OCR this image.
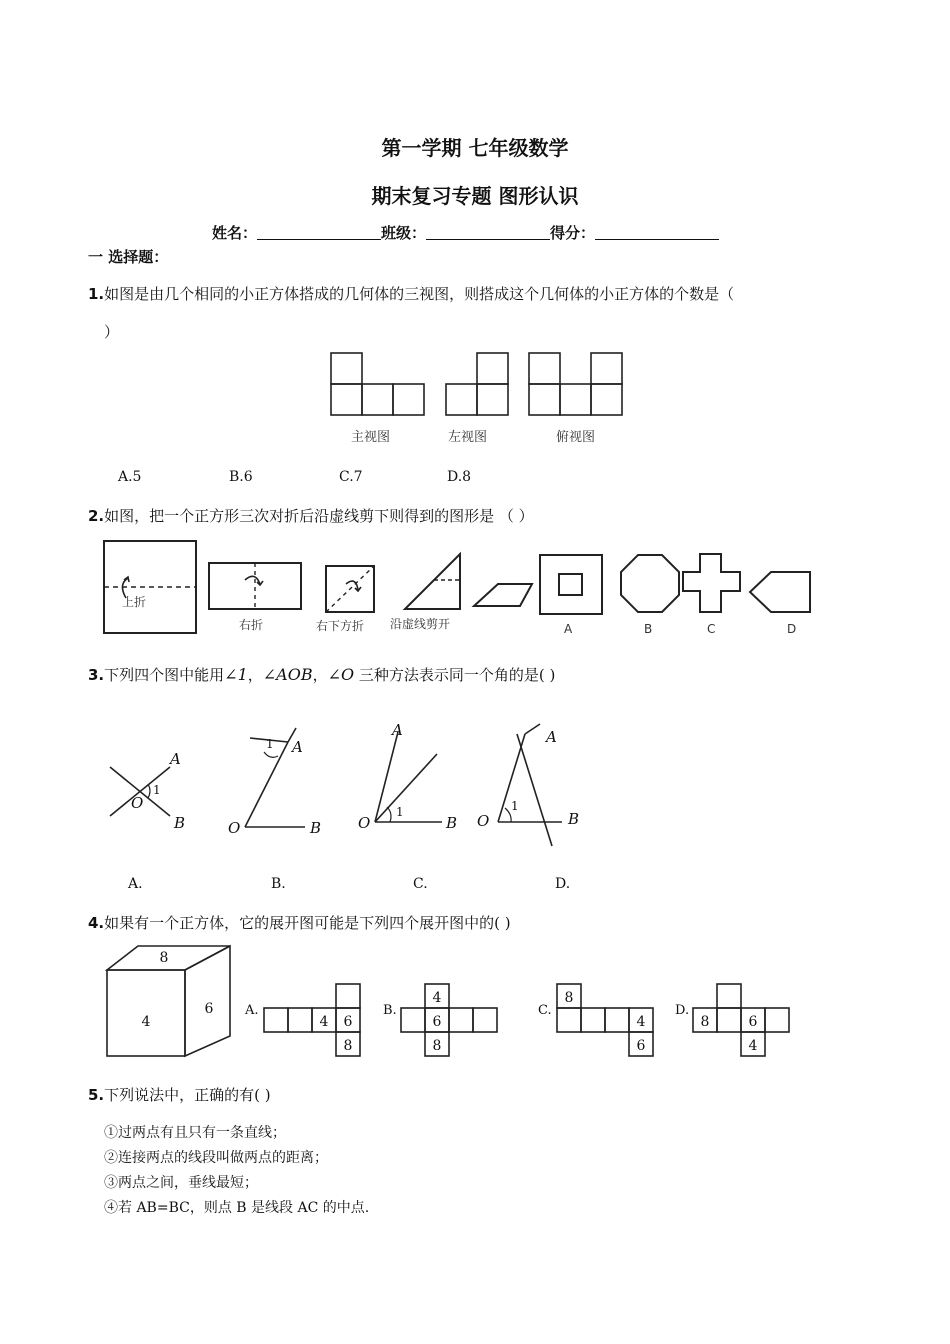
第一学期 七年级数学
期末复习专题 图形认识
姓名：	班级：	得分：
一 选择题：
1.如图是由几个相同的小正方体搭成的几何体的三视图，则搭成这个几何体的小正方体的个数是（
）
主视图	左视图	俯视图
A.5	B.6	C.7	D.8
2.如图，把一个正方形三次对折后沿虚线剪下则得到的图形是 （ ）
上折
右折	右下方折 沿虚线剪开	A	B	C	D
3.下列四个图中能用∠1，∠AOB，∠O 三种方法表示同一个角的是( )
A
B
O
A
B
O
A
B
O
A
B
O
1
1
1	1
A.	B.	C.	D.
4.如果有一个正方体，它的展开图可能是下列四个展开图中的( )
8
4
6
4 6
8
4
6
8
8
4
6
8	6
4
A.	B.	C.	D.
5.下列说法中，正确的有( )
①过两点有且只有一条直线；
②连接两点的线段叫做两点的距离；
③两点之间，垂线最短；
④若 AB=BC，则点 B 是线段 AC 的中点.
